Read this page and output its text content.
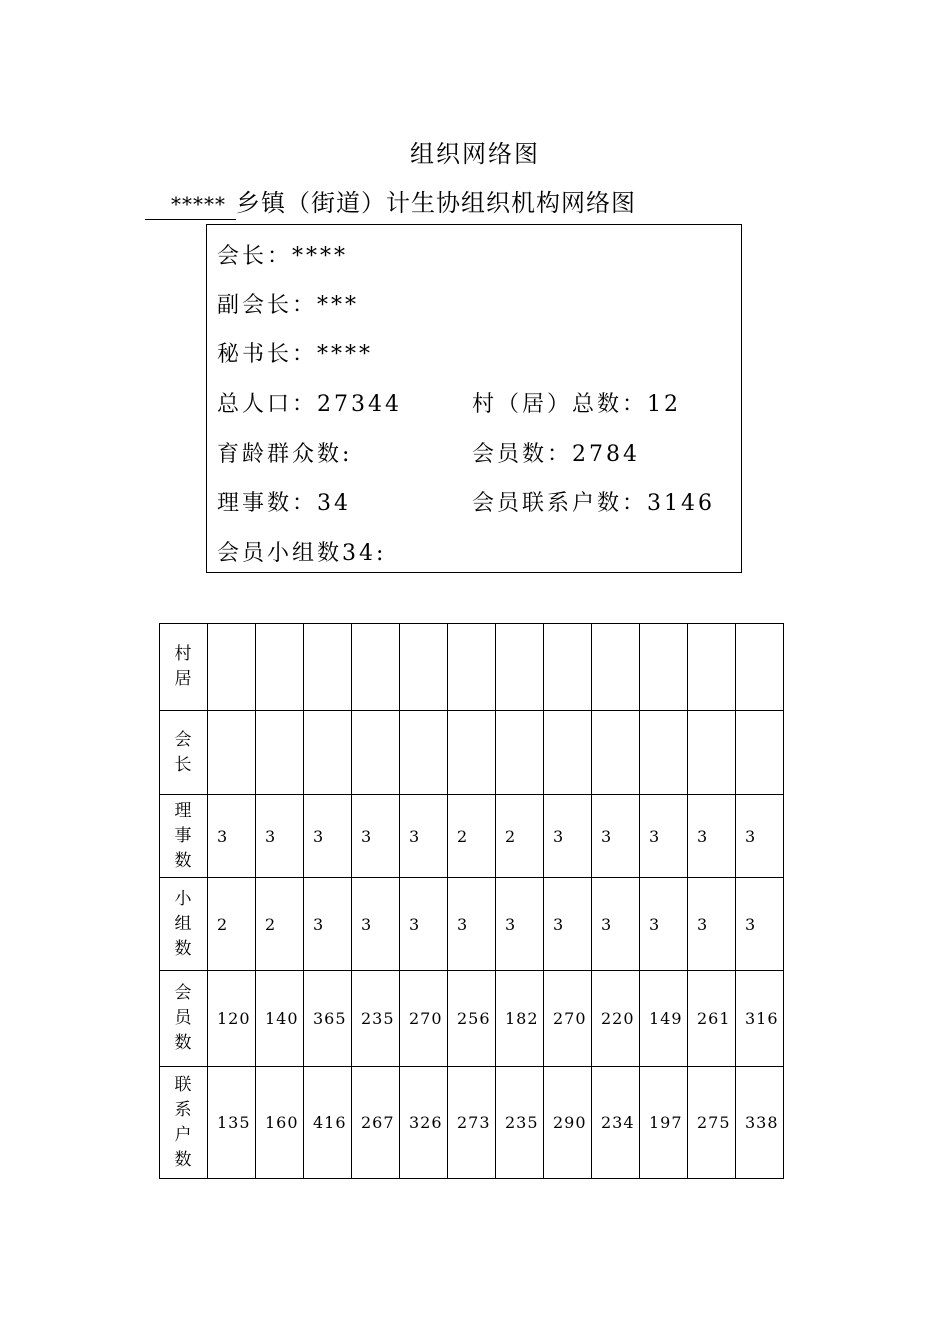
组织网络图
***** 乡镇（街道）计生协组织机构网络图
会长：****
副会长：***
秘书长：****
总人口：27344	村（居）总数：12
育龄群众数:	会员数：2784
理事数：34	会员联系户数：3146
会员小组数34:
村
居												

会
长												

理
事
数	3	3	3	3	3	2	2	3	3	3	3	3

小
组
数	2	2	3	3	3	3	3	3	3	3	3	3

会
员
数	120	140	365	235	270	256	182	270	220	149	261	316

联
系
户
数	135	160	416	267	326	273	235	290	234	197	275	338
